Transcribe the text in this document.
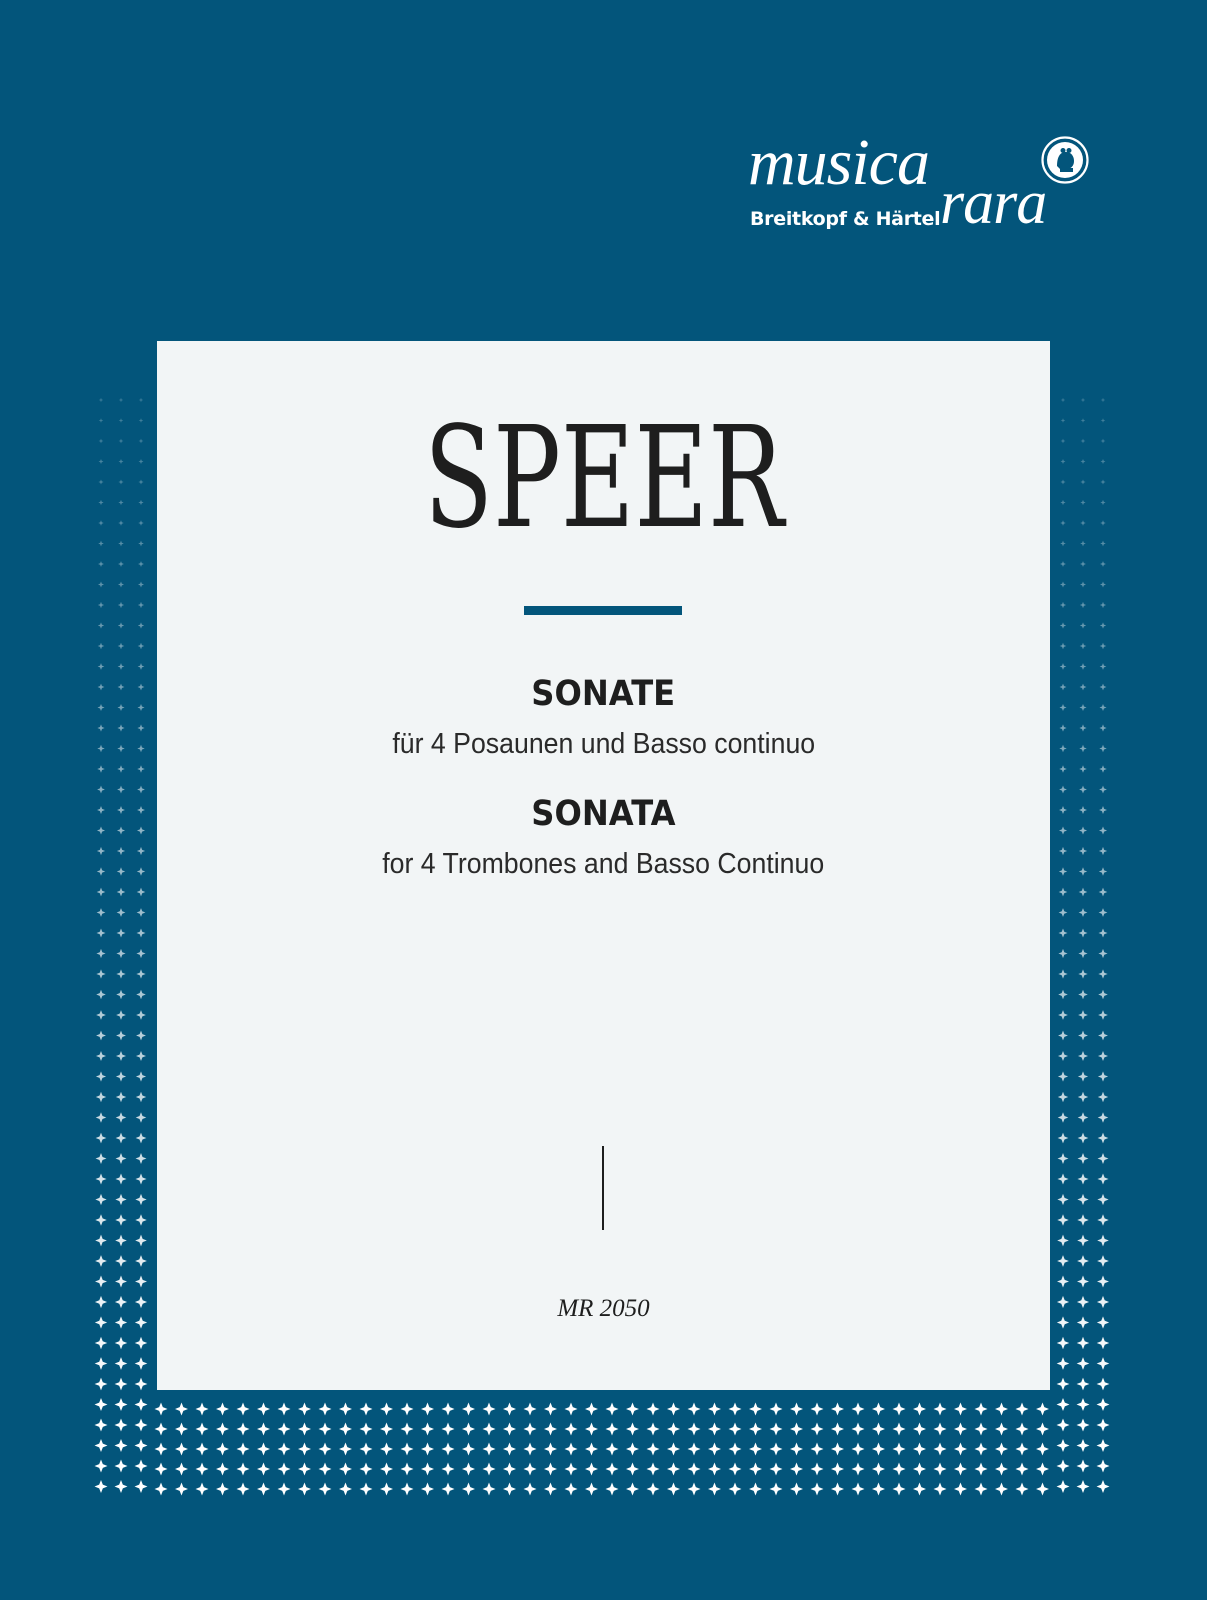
musica
rara
Breitkopf & Härtel
SPEER
SONATE
für 4 Posaunen und Basso continuo
SONATA
for 4 Trombones and Basso Continuo
MR 2050
